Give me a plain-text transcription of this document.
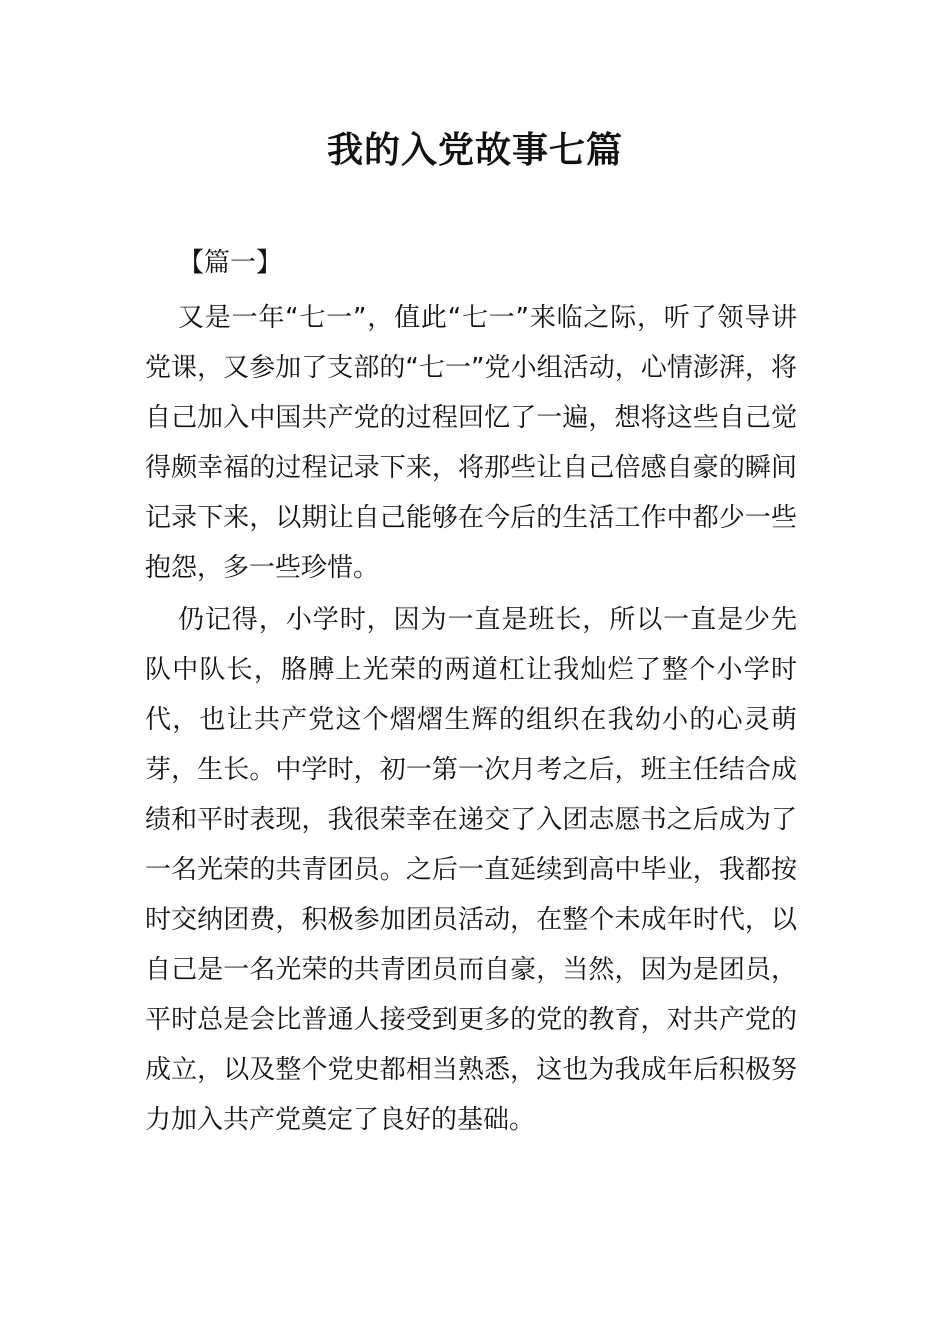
我的入党故事七篇
【篇一】

又是一年“七一”，值此“七一”来临之际，听了领导讲党课，又参加了支部的“七一”党小组活动，心情澎湃，将自己加入中国共产党的过程回忆了一遍，想将这些自己觉得颇幸福的过程记录下来，将那些让自己倍感自豪的瞬间记录下来，以期让自己能够在今后的生活工作中都少一些抱怨，多一些珍惜。

仍记得，小学时，因为一直是班长，所以一直是少先队中队长，胳膊上光荣的两道杠让我灿烂了整个小学时代，也让共产党这个熠熠生辉的组织在我幼小的心灵萌芽，生长。中学时，初一第一次月考之后，班主任结合成绩和平时表现，我很荣幸在递交了入团志愿书之后成为了一名光荣的共青团员。之后一直延续到高中毕业，我都按时交纳团费，积极参加团员活动，在整个未成年时代，以自己是一名光荣的共青团员而自豪，当然，因为是团员，平时总是会比普通人接受到更多的党的教育，对共产党的成立，以及整个党史都相当熟悉，这也为我成年后积极努力加入共产党奠定了良好的基础。
